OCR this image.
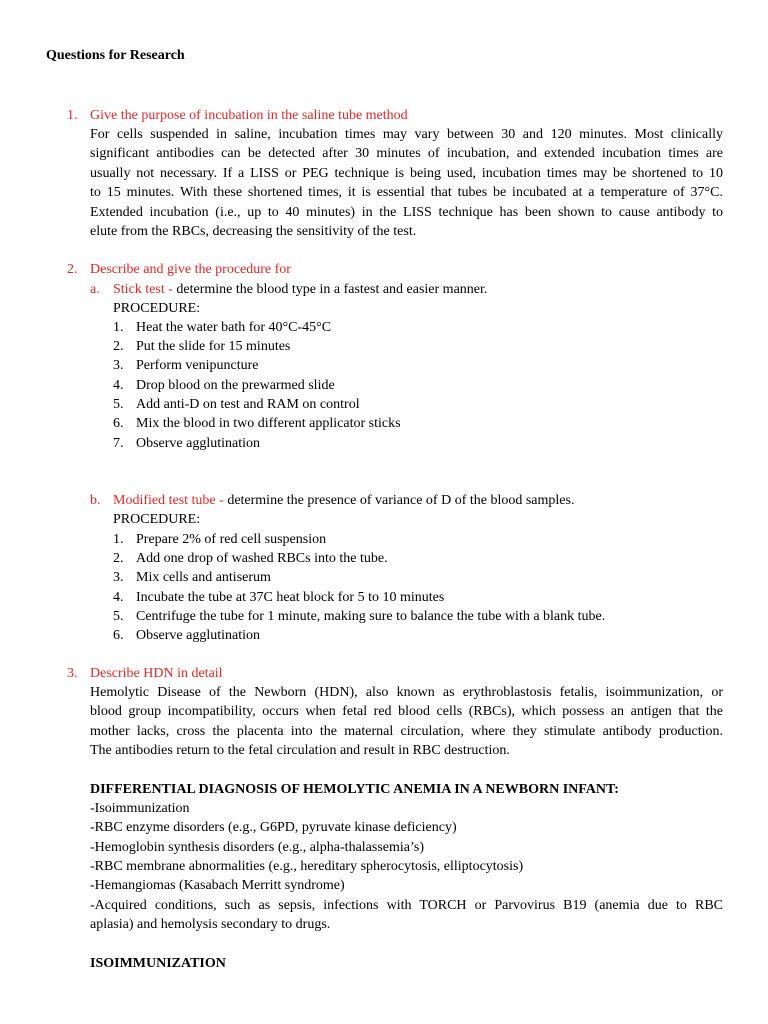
Questions for Research
1. Give the purpose of incubation in the saline tube method
For cells suspended in saline, incubation times may vary between 30 and 120 minutes. Most clinically
significant antibodies can be detected after 30 minutes of incubation, and extended incubation times are
usually not necessary. If a LISS or PEG technique is being used, incubation times may be shortened to 10
to 15 minutes. With these shortened times, it is essential that tubes be incubated at a temperature of 37°C.
Extended incubation (i.e., up to 40 minutes) in the LISS technique has been shown to cause antibody to
elute from the RBCs, decreasing the sensitivity of the test.
2. Describe and give the procedure for
a. Stick test - determine the blood type in a fastest and easier manner.
PROCEDURE:
1. Heat the water bath for 40°C-45°C
2. Put the slide for 15 minutes
3. Perform venipuncture
4. Drop blood on the prewarmed slide
5. Add anti-D on test and RAM on control
6. Mix the blood in two different applicator sticks
7. Observe agglutination
b. Modified test tube - determine the presence of variance of D of the blood samples.
PROCEDURE:
1. Prepare 2% of red cell suspension
2. Add one drop of washed RBCs into the tube.
3. Mix cells and antiserum
4. Incubate the tube at 37C heat block for 5 to 10 minutes
5. Centrifuge the tube for 1 minute, making sure to balance the tube with a blank tube.
6. Observe agglutination
3. Describe HDN in detail
Hemolytic Disease of the Newborn (HDN), also known as erythroblastosis fetalis, isoimmunization, or
blood group incompatibility, occurs when fetal red blood cells (RBCs), which possess an antigen that the
mother lacks, cross the placenta into the maternal circulation, where they stimulate antibody production.
The antibodies return to the fetal circulation and result in RBC destruction.
DIFFERENTIAL DIAGNOSIS OF HEMOLYTIC ANEMIA IN A NEWBORN INFANT:
-Isoimmunization
-RBC enzyme disorders (e.g., G6PD, pyruvate kinase deficiency)
-Hemoglobin synthesis disorders (e.g., alpha-thalassemia’s)
-RBC membrane abnormalities (e.g., hereditary spherocytosis, elliptocytosis)
-Hemangiomas (Kasabach Merritt syndrome)
-Acquired conditions, such as sepsis, infections with TORCH or Parvovirus B19 (anemia due to RBC
aplasia) and hemolysis secondary to drugs.
ISOIMMUNIZATION
